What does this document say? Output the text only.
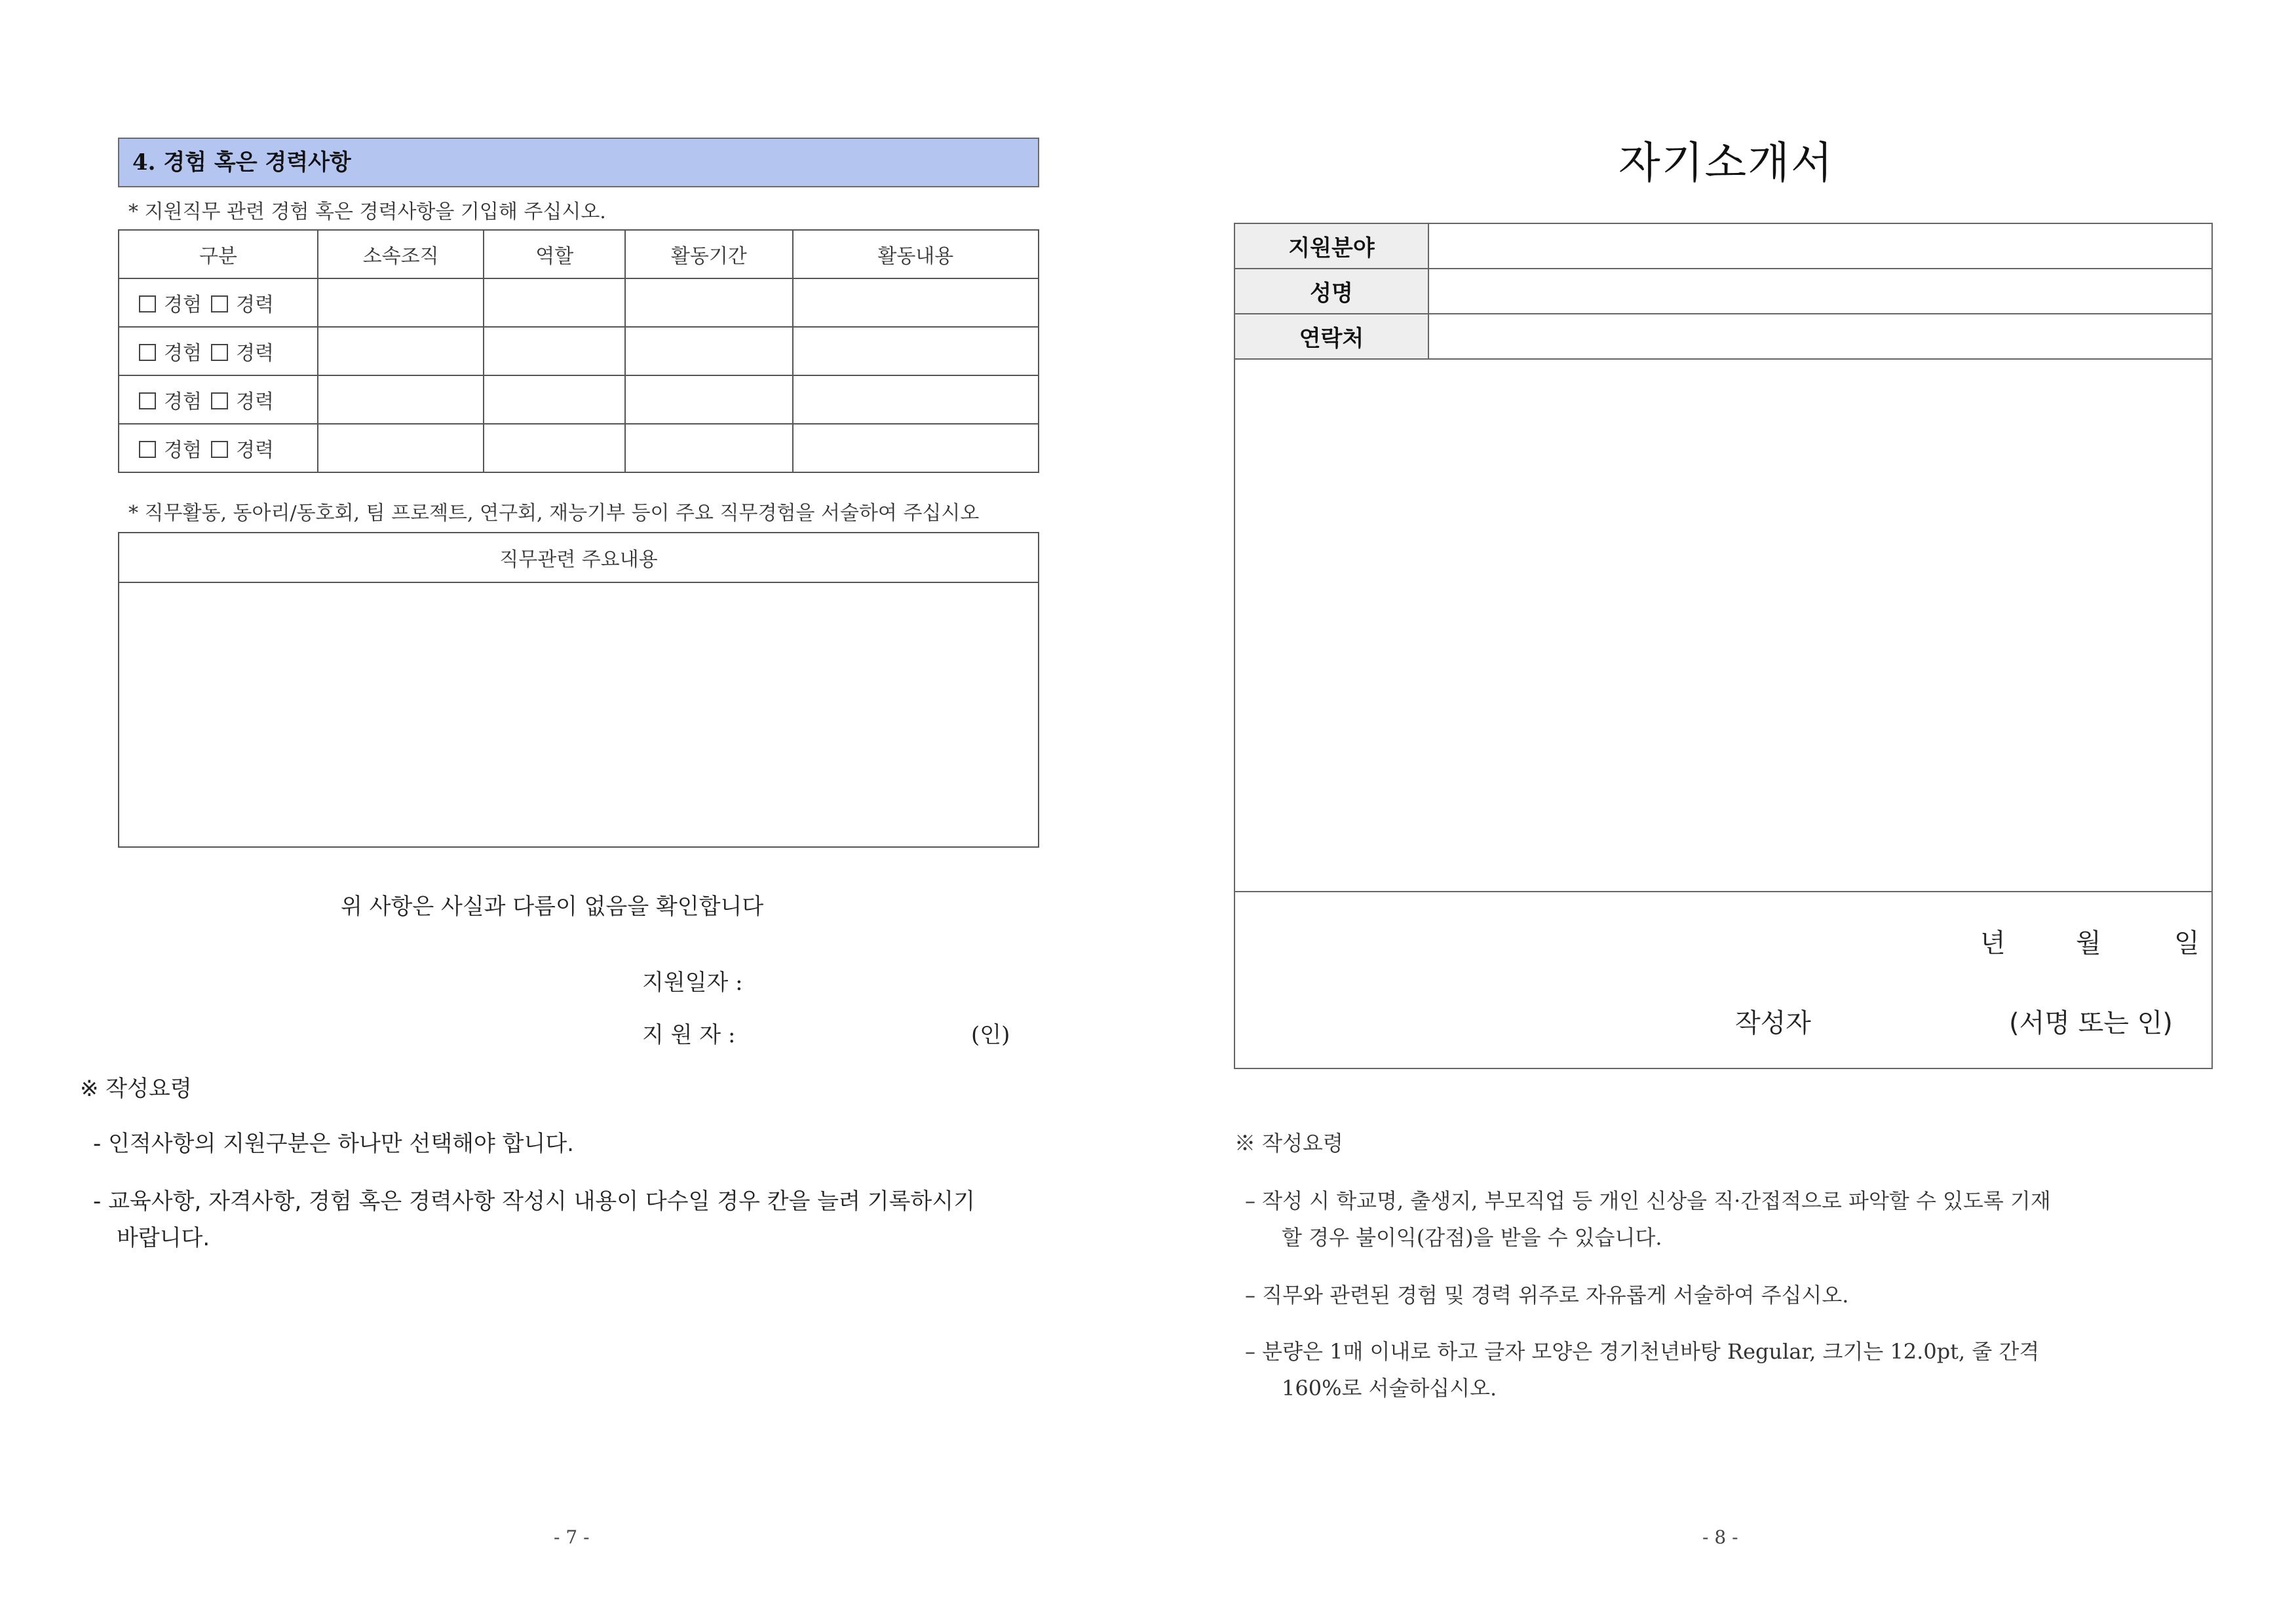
4. 경험 혹은 경력사항
* 지원직무 관련 경험 혹은 경력사항을 기입해 주십시오.
구분	소속조직	역할	활동기간	활동내용
경험 경력				
경험 경력				
경험 경력				
경험 경력				
* 직무활동, 동아리/동호회, 팀 프로젝트, 연구회, 재능기부 등이 주요 직무경험을 서술하여 주십시오
직무관련 주요내용

위 사항은 사실과 다름이 없음을 확인합니다
지원일자 :
지 원 자 :	(인)
※ 작성요령
- 인적사항의 지원구분은 하나만 선택해야 합니다.
- 교육사항, 자격사항, 경험 혹은 경력사항 작성시 내용이 다수일 경우 칸을 늘려 기록하시기
바랍니다.
- 7 -
자기소개서
지원분야	
성명	
연락처	
년	월	일
작성자	(서명 또는 인)
※ 작성요령
– 작성 시 학교명, 출생지, 부모직업 등 개인 신상을 직·간접적으로 파악할 수 있도록 기재
할 경우 불이익(감점)을 받을 수 있습니다.
– 직무와 관련된 경험 및 경력 위주로 자유롭게 서술하여 주십시오.
– 분량은 1매 이내로 하고 글자 모양은 경기천년바탕 Regular, 크기는 12.0pt, 줄 간격
160%로 서술하십시오.
- 8 -
